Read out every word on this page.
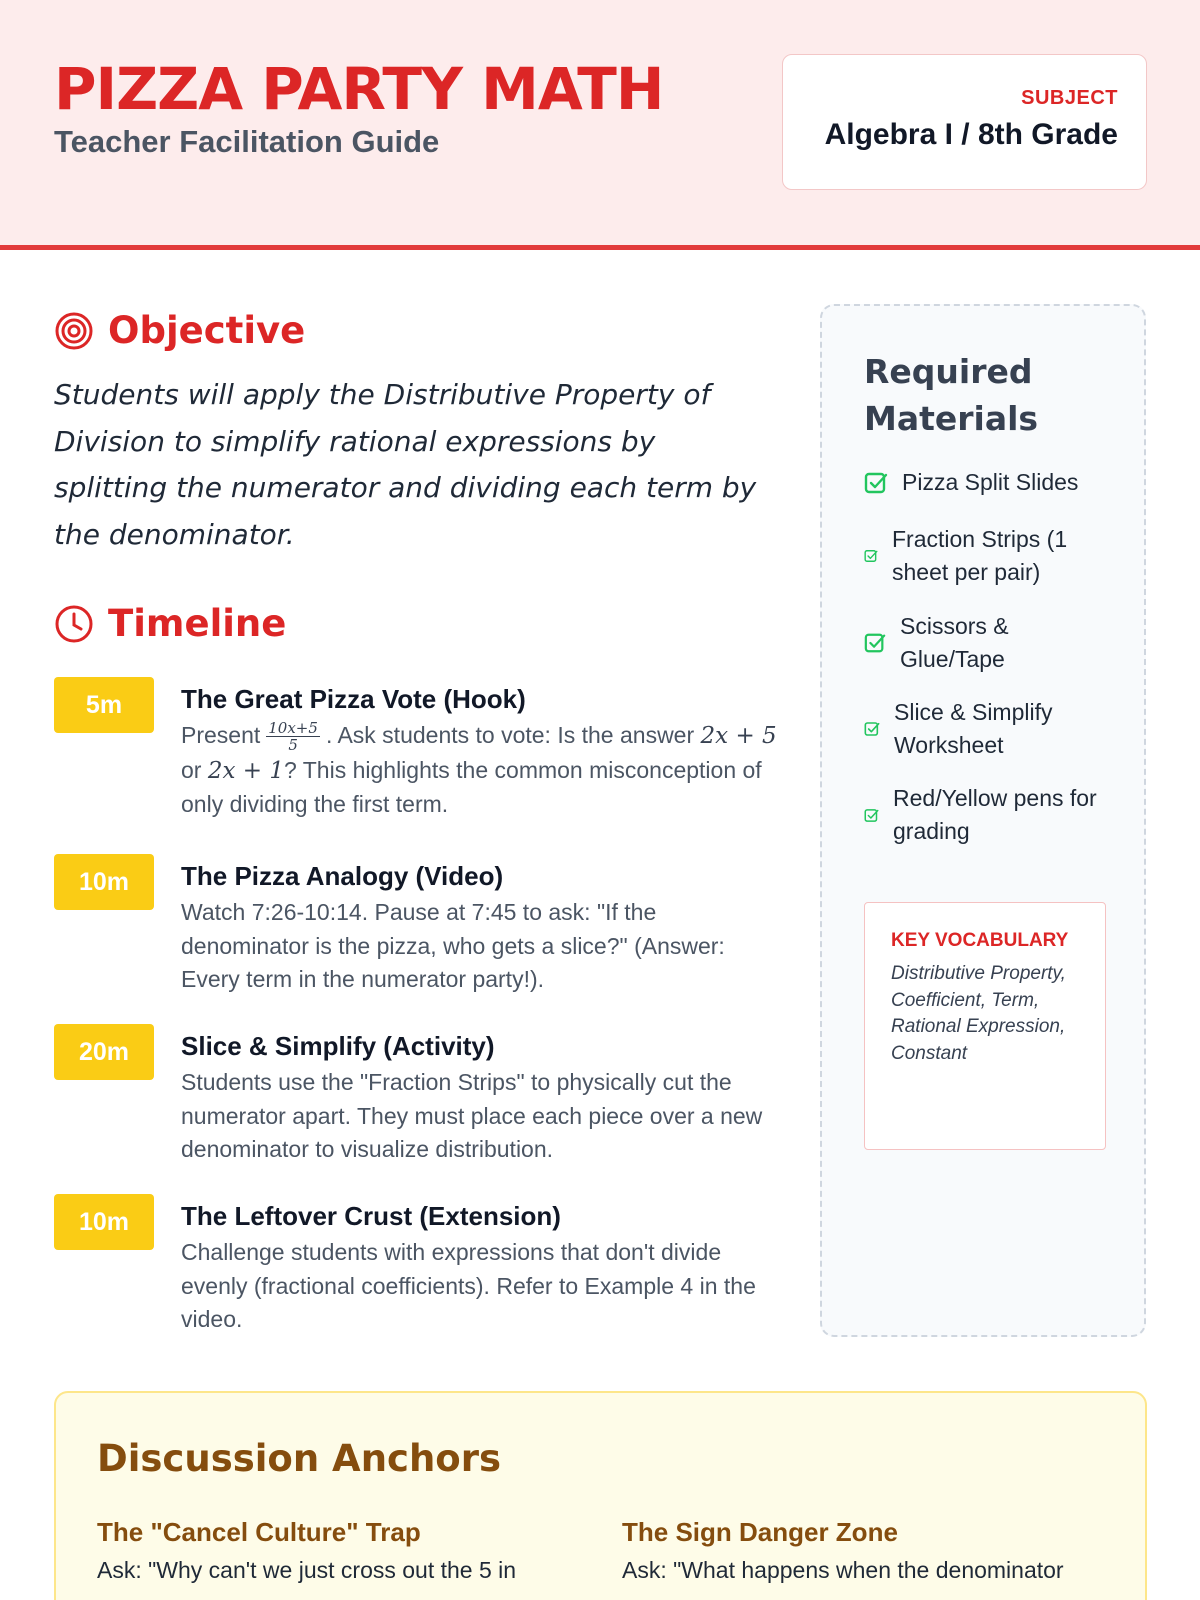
PIZZA PARTY MATH
Teacher Facilitation Guide
SUBJECT
Algebra I / 8th Grade
Objective
Students will apply the Distributive Property of Division to simplify rational expressions by splitting the numerator and dividing each term by the denominator.
Timeline
5m	The Great Pizza Vote (Hook)
Present $\frac{10x+5}{5}$ . Ask students to vote: Is the answer 2x + 5 or 2x + 1? This highlights the common misconception of only dividing the first term.
10m	The Pizza Analogy (Video)
Watch 7:26-10:14. Pause at 7:45 to ask: "If the denominator is the pizza, who gets a slice?" (Answer: Every term in the numerator party!).
20m	Slice & Simplify (Activity)
Students use the "Fraction Strips" to physically cut the numerator apart. They must place each piece over a new denominator to visualize distribution.
10m	The Leftover Crust (Extension)
Challenge students with expressions that don't divide evenly (fractional coefficients). Refer to Example 4 in the video.
Required Materials
Pizza Split Slides
Fraction Strips (1 sheet per pair)
Scissors & Glue/Tape
Slice & Simplify Worksheet
Red/Yellow pens for grading
KEY VOCABULARY
Distributive Property, Coefficient, Term, Rational Expression, Constant
Discussion Anchors
The "Cancel Culture" Trap
Ask: "Why can't we just cross out the 5 in
The Sign Danger Zone
Ask: "What happens when the denominator
